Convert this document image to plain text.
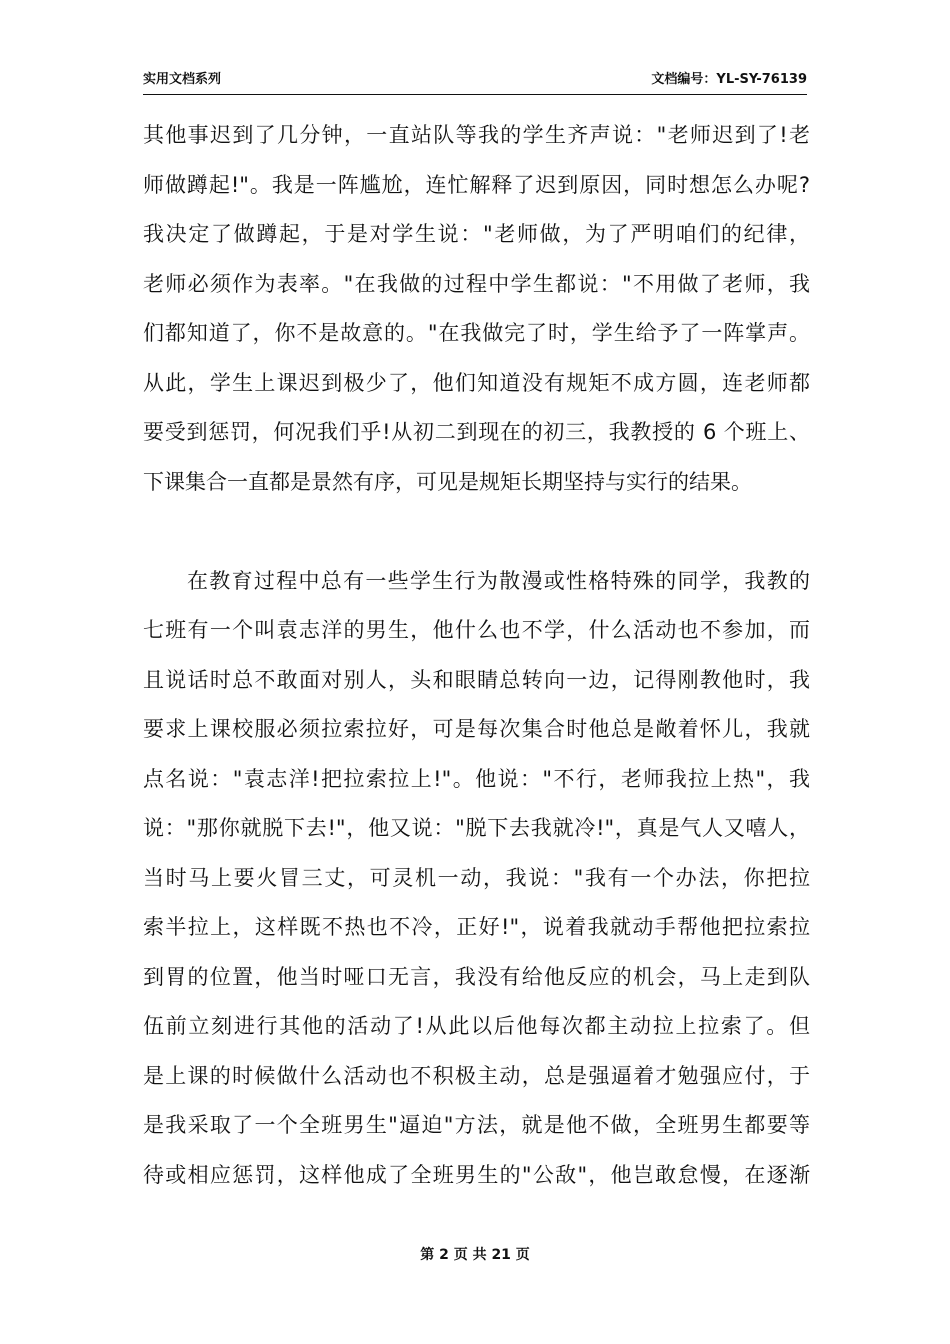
实用文档系列	文档编号：YL-SY-76139
其他事迟到了几分钟，一直站队等我的学生齐声说："老师迟到了!老
师做蹲起!"。我是一阵尴尬，连忙解释了迟到原因，同时想怎么办呢?
我决定了做蹲起，于是对学生说："老师做，为了严明咱们的纪律，
老师必须作为表率。"在我做的过程中学生都说："不用做了老师，我
们都知道了，你不是故意的。"在我做完了时，学生给予了一阵掌声。
从此，学生上课迟到极少了，他们知道没有规矩不成方圆，连老师都
要受到惩罚，何况我们乎!从初二到现在的初三，我教授的 6 个班上、
下课集合一直都是景然有序，可见是规矩长期坚持与实行的结果。
在教育过程中总有一些学生行为散漫或性格特殊的同学，我教的
七班有一个叫袁志洋的男生，他什么也不学，什么活动也不参加，而
且说话时总不敢面对别人，头和眼睛总转向一边，记得刚教他时，我
要求上课校服必须拉索拉好，可是每次集合时他总是敞着怀儿，我就
点名说："袁志洋!把拉索拉上!"。他说："不行，老师我拉上热"，我
说："那你就脱下去!"，他又说："脱下去我就冷!"，真是气人又嘻人，
当时马上要火冒三丈，可灵机一动，我说："我有一个办法，你把拉
索半拉上，这样既不热也不冷，正好!"，说着我就动手帮他把拉索拉
到胃的位置，他当时哑口无言，我没有给他反应的机会，马上走到队
伍前立刻进行其他的活动了!从此以后他每次都主动拉上拉索了。但
是上课的时候做什么活动也不积极主动，总是强逼着才勉强应付，于
是我采取了一个全班男生"逼迫"方法，就是他不做，全班男生都要等
待或相应惩罚，这样他成了全班男生的"公敌"，他岂敢怠慢，在逐渐
第 2 页 共 21 页
